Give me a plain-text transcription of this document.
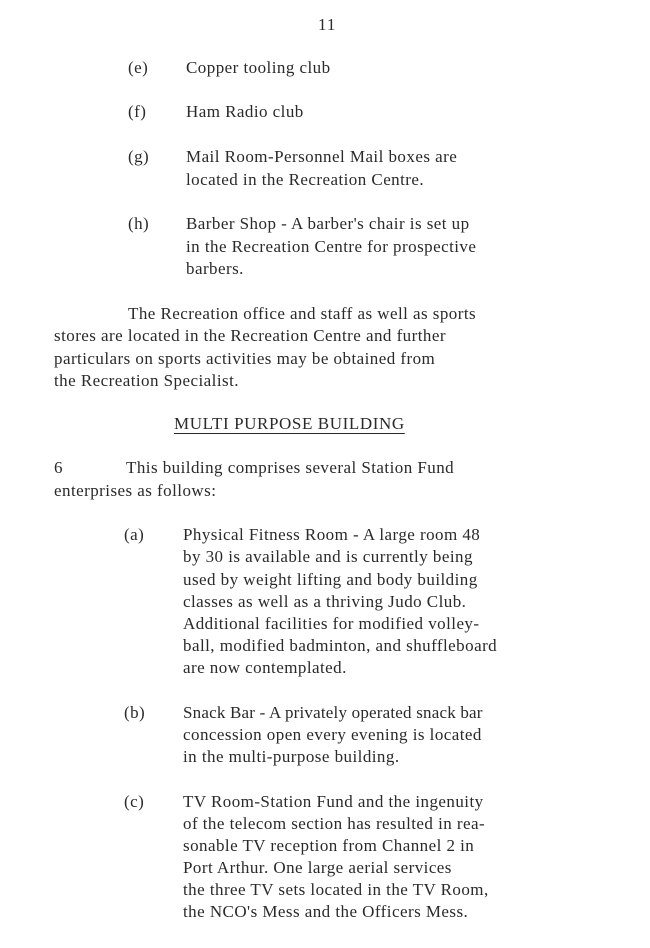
11
(e) Copper tooling club
(f) Ham Radio club
(g) Mail Room-Personnel Mail boxes are
located in the Recreation Centre.
(h) Barber Shop - A barber's chair is set up
in the Recreation Centre for prospective
barbers.
The Recreation office and staff as well as sports
stores are located in the Recreation Centre and further
particulars on sports activities may be obtained from
the Recreation Specialist.
MULTI PURPOSE BUILDING
6	This building comprises several Station Fund
enterprises as follows:
(a) Physical Fitness Room - A large room 48
by 30 is available and is currently being
used by weight lifting and body building
classes as well as a thriving Judo Club.
Additional facilities for modified volley-
ball, modified badminton, and shuffleboard
are now contemplated.
(b) Snack Bar - A privately operated snack bar
concession open every evening is located
in the multi-purpose building.
(c) TV Room-Station Fund and the ingenuity
of the telecom section has resulted in rea-
sonable TV reception from Channel 2 in
Port Arthur. One large aerial services
the three TV sets located in the TV Room,
the NCO's Mess and the Officers Mess.
